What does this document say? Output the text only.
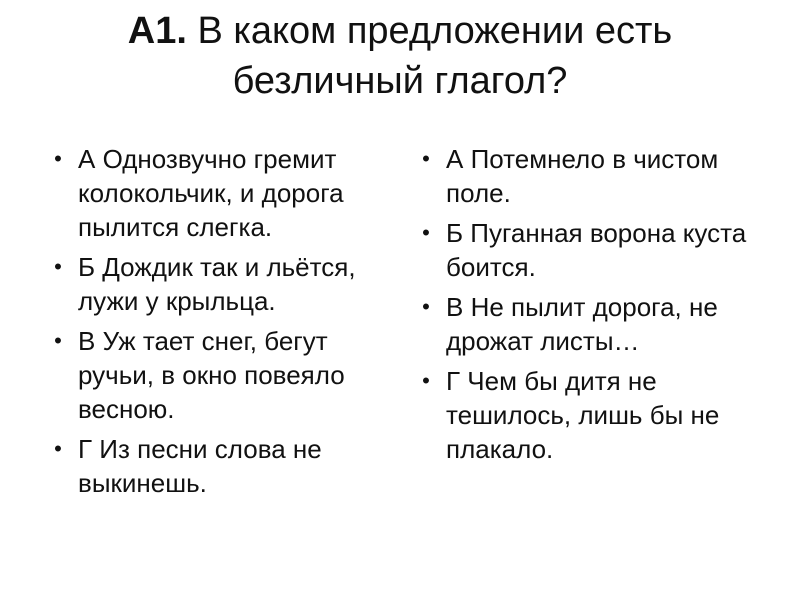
А1. В каком предложении есть безличный глагол?
• А Однозвучно гремит колокольчик, и дорога пылится слегка.
• Б Дождик так и льётся, лужи у крыльца.
• В Уж тает снег, бегут ручьи, в окно повеяло весною.
• Г Из песни слова не выкинешь.
• А Потемнело в чистом поле.
• Б Пуганная ворона куста боится.
• В Не пылит дорога, не дрожат листы…
• Г Чем бы дитя не тешилось, лишь бы не плакало.
